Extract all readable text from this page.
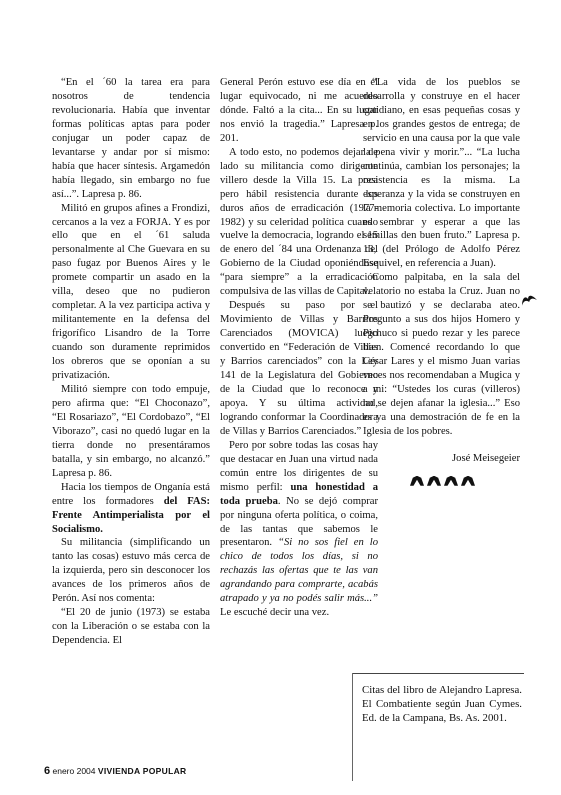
“En el ´60 la tarea era para nosotros de tendencia revolucionaria. Había que inventar formas políticas aptas para poder conjugar un poder capaz de levantarse y andar por sí mismo: había que hacer síntesis. Argamedón había llegado, sin embargo no fue así...”. Lapresa p. 86.

Militó en grupos afines a Frondizi, cercanos a la vez a FORJA. Y es por ello que en el ´61 saluda personalmente al Che Guevara en su paso fugaz por Buenos Aires y le promete compartir un asado en la villa, deseo que no pudieron completar. A la vez participa activa y militantemente en la defensa del frigorífico Lisandro de la Torre cuando son duramente reprimidos los obreros que se oponían a su privatización.

Militó siempre con todo empuje, pero afirma que: “El Choconazo”, “El Rosariazo”, “El Cordobazo”, “El Viborazo”, casi no quedó lugar en la tierra donde no presentáramos batalla, y sin embargo, no alcanzó.” Lapresa p. 86.

Hacia los tiempos de Onganía está entre los formadores del FAS: Frente Antimperialista por el Socialismo.

Su militancia (simplificando un tanto las cosas) estuvo más cerca de la izquierda, pero sin desconocer los avances de los primeros años de Perón. Así nos comenta:

“El 20 de junio (1973) se estaba con la Liberación o se estaba con la Dependencia. El

General Perón estuvo ese día en el lugar equivocado, ni me acuerdo dónde. Faltó a la cita... En su lugar nos envió la tragedia.” Lapresa p. 201.

A todo esto, no podemos dejar de lado su militancia como dirigente villero desde la Villa 15. La poca pero hábil resistencia durante los duros años de erradicación (1977-1982) y su celeridad política cuando vuelve la democracia, logrando el 15 de enero del ´84 una Ordenanza del Gobierno de la Ciudad oponiéndose “para siempre” a la erradicación compulsiva de las villas de Capital.

Después su paso por el Movimiento de Villas y Barrios Carenciados (MOVICA) luego convertido en “Federación de Villas y Barrios carenciados” con la Ley 141 de la Legislatura del Gobierno de la Ciudad que lo reconoce y apoya. Y su última actividad, logrando conformar la Coordinadora de Villas y Barrios Carenciados.”

Pero por sobre todas las cosas hay que destacar en Juan una virtud nada común entre los dirigentes de su mismo perfil: una honestidad a toda prueba. No se dejó comprar por ninguna oferta política, o coima, de las tantas que sabemos le presentaron. “Si no sos fiel en lo chico de todos los días, si no rechazás las ofertas que te las van agrandando para comprarte, acabás atrapado y ya no podés salir más...” Le escuché decir una vez.

“La vida de los pueblos se desarrolla y construye en el hacer cotidiano, en esas pequeñas cosas y en los grandes gestos de entrega; de servicio en una causa por la que vale la pena vivir y morir.”... “La lucha continúa, cambian los personajes; la resistencia es la misma. La esperanza y la vida se construyen en la memoria colectiva. Lo importante es sembrar y esperar a que las semillas den buen fruto.” Lapresa p. 13, (del Prólogo de Adolfo Pérez Esquivel, en referencia a Juan).

Como palpitaba, en la sala del velatorio no estaba la Cruz. Juan no se bautizó y se declaraba ateo. Pregunto a sus dos hijos Homero y Pichuco si puedo rezar y les parece bien. Comencé recordando lo que César Lares y el mismo Juan varias veces nos recomendaban a Mugica y a mi: “Ustedes los curas (villeros) no se dejen afanar la iglesia...” Eso es ya una demostración de fe en la Iglesia de los pobres.

José Meisegeier

Citas del libro de Alejandro Lapresa. El Combatiente según Juan Cymes. Ed. de la Campana, Bs. As. 2001.
6 enero 2004 VIVIENDA POPULAR
